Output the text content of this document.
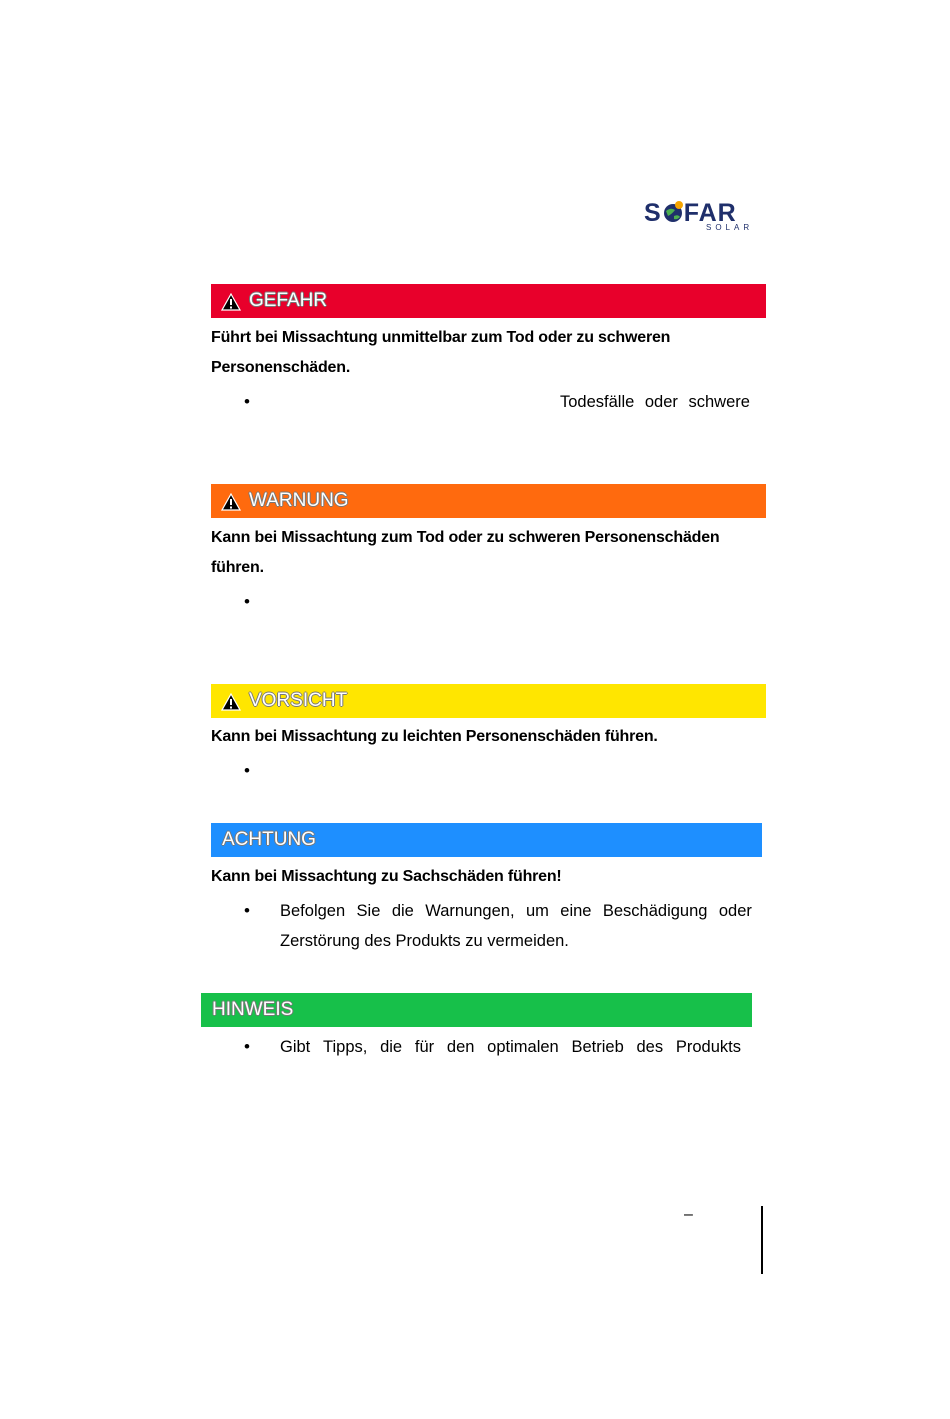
S FAR
SOLAR
GEFAHR
Führt bei Missachtung unmittelbar zum Tod oder zu schweren
Personenschäden.
•	Todesfälle oder schwere
WARNUNG
Kann bei Missachtung zum Tod oder zu schweren Personenschäden
führen.
•
VORSICHT
Kann bei Missachtung zu leichten Personenschäden führen.
•
ACHTUNG
Kann bei Missachtung zu Sachschäden führen!
• Befolgen Sie die Warnungen, um eine Beschädigung oder
Zerstörung des Produkts zu vermeiden.
HINWEIS
• Gibt Tipps, die für den optimalen Betrieb des Produkts
–
